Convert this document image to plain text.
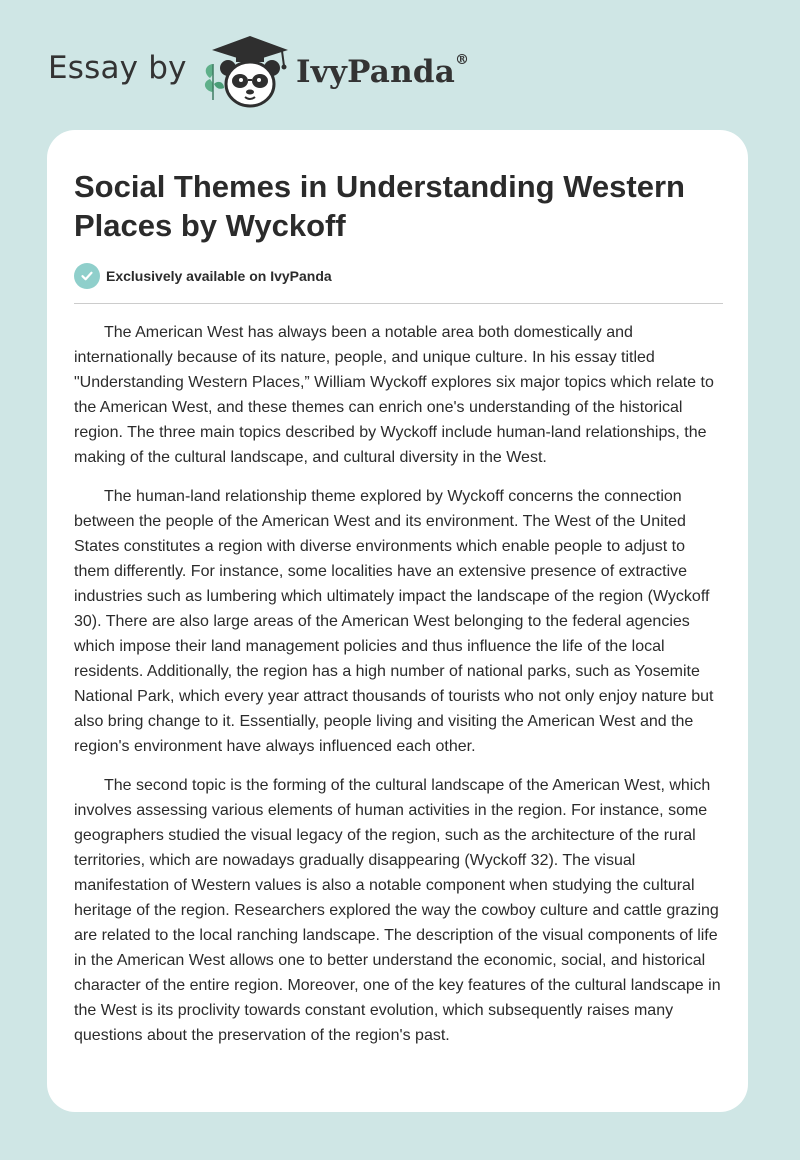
Essay by	IvyPanda®
Social Themes in Understanding Western Places by Wyckoff
Exclusively available on IvyPanda

The American West has always been a notable area both domestically and internationally because of its nature, people, and unique culture. In his essay titled "Understanding Western Places,” William Wyckoff explores six major topics which relate to the American West, and these themes can enrich one's understanding of the historical region. The three main topics described by Wyckoff include human-land relationships, the making of the cultural landscape, and cultural diversity in the West.

The human-land relationship theme explored by Wyckoff concerns the connection between the people of the American West and its environment. The West of the United States constitutes a region with diverse environments which enable people to adjust to them differently. For instance, some localities have an extensive presence of extractive industries such as lumbering which ultimately impact the landscape of the region (Wyckoff 30). There are also large areas of the American West belonging to the federal agencies which impose their land management policies and thus influence the life of the local residents. Additionally, the region has a high number of national parks, such as Yosemite National Park, which every year attract thousands of tourists who not only enjoy nature but also bring change to it. Essentially, people living and visiting the American West and the region's environment have always influenced each other.

The second topic is the forming of the cultural landscape of the American West, which involves assessing various elements of human activities in the region. For instance, some geographers studied the visual legacy of the region, such as the architecture of the rural territories, which are nowadays gradually disappearing (Wyckoff 32). The visual manifestation of Western values is also a notable component when studying the cultural heritage of the region. Researchers explored the way the cowboy culture and cattle grazing are related to the local ranching landscape. The description of the visual components of life in the American West allows one to better understand the economic, social, and historical character of the entire region. Moreover, one of the key features of the cultural landscape in the West is its proclivity towards constant evolution, which subsequently raises many questions about the preservation of the region's past.
